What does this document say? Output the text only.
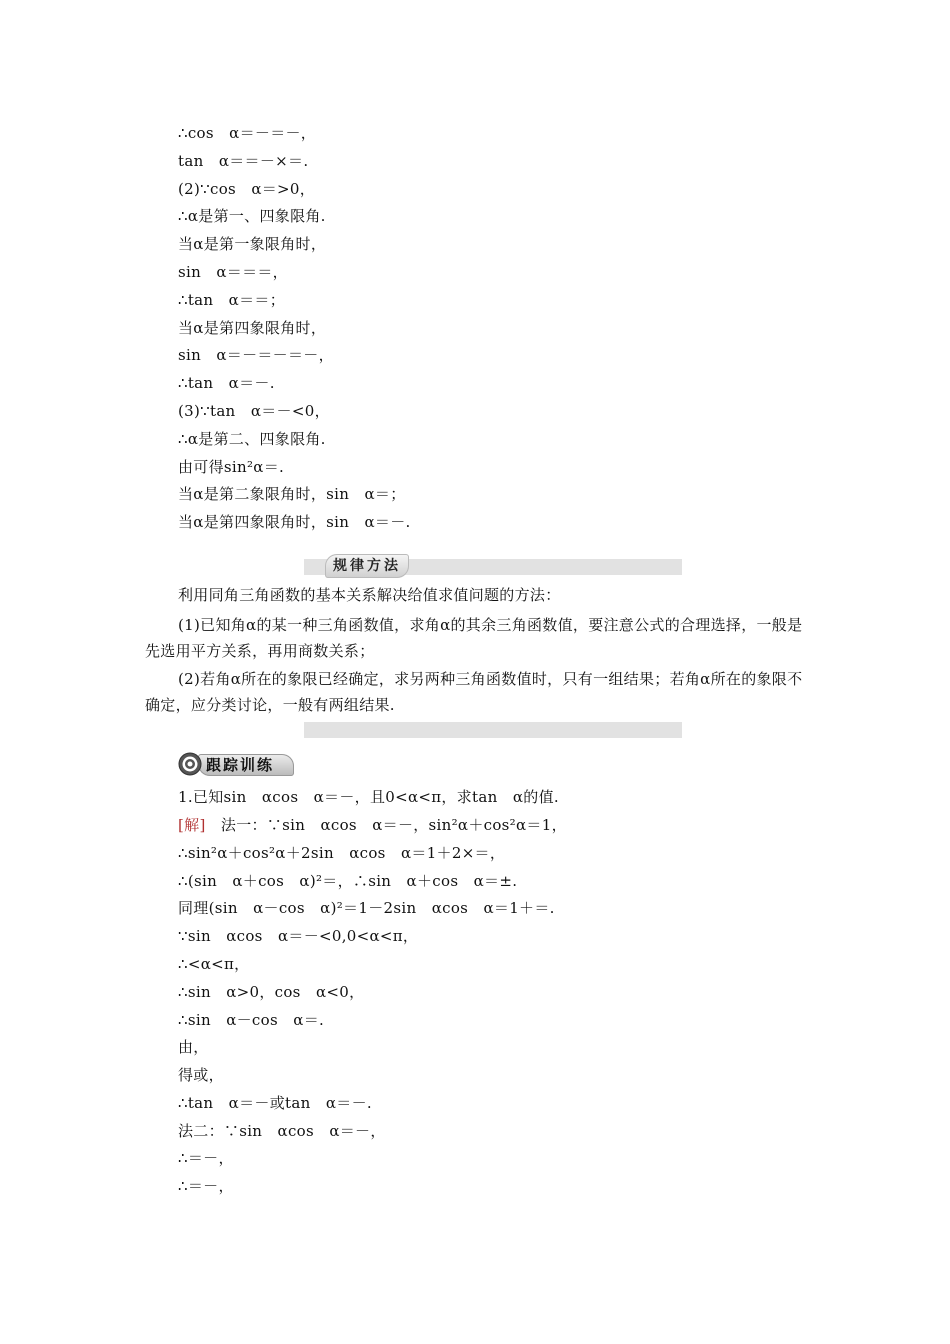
∴cos　α＝－＝－，
tan　α＝＝－×＝.
(2)∵cos　α＝>0，
∴α是第一、四象限角.
当α是第一象限角时，
sin　α＝＝＝，
∴tan　α＝＝；
当α是第四象限角时，
sin　α＝－＝－＝－，
∴tan　α＝－.
(3)∵tan　α＝－<0，
∴α是第二、四象限角.
由可得sin²α＝.
当α是第二象限角时，sin　α＝；
当α是第四象限角时，sin　α＝－.
规律方法
利用同角三角函数的基本关系解决给值求值问题的方法：
(1)已知角α的某一种三角函数值，求角α的其余三角函数值，要注意公式的合理选择，一般是先选用平方关系，再用商数关系；
(2)若角α所在的象限已经确定，求另两种三角函数值时，只有一组结果；若角α所在的象限不确定，应分类讨论，一般有两组结果.
跟踪训练
1.已知sin　αcos　α＝－，且0<α<π，求tan　α的值.
[解]　法一：∵sin　αcos　α＝－，sin²α＋cos²α＝1，
∴sin²α＋cos²α＋2sin　αcos　α＝1＋2×＝，
∴(sin　α＋cos　α)²＝，∴sin　α＋cos　α＝±.
同理(sin　α－cos　α)²＝1－2sin　αcos　α＝1＋＝.
∵sin　αcos　α＝－<0,0<α<π，
∴<α<π，
∴sin　α>0，cos　α<0，
∴sin　α－cos　α＝.
由，
得或，
∴tan　α＝－或tan　α＝－.
法二：∵sin　αcos　α＝－，
∴＝－，
∴＝－，
